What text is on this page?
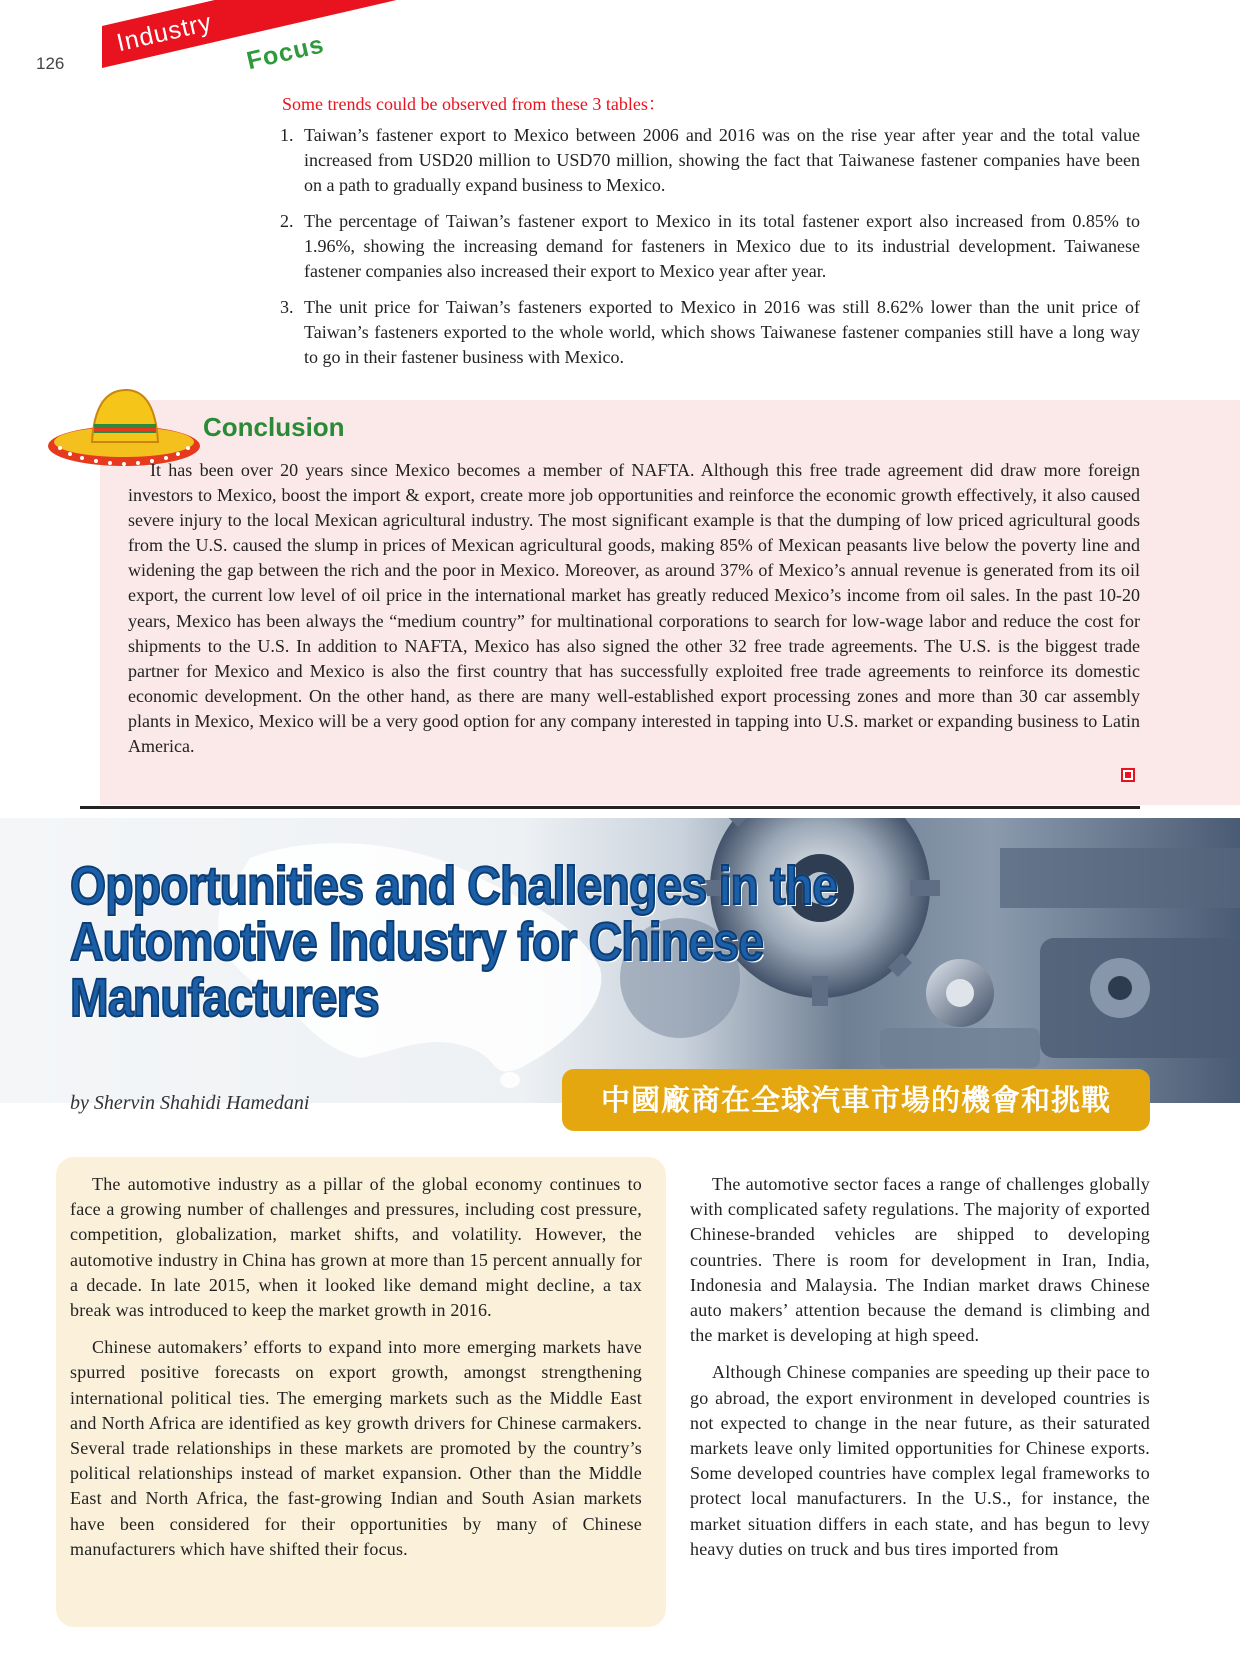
Industry Focus
126
Some trends could be observed from these 3 tables：
1. Taiwan’s fastener export to Mexico between 2006 and 2016 was on the rise year after year and the total value increased from USD20 million to USD70 million, showing the fact that Taiwanese fastener companies have been on a path to gradually expand business to Mexico.
2. The percentage of Taiwan’s fastener export to Mexico in its total fastener export also increased from 0.85% to 1.96%, showing the increasing demand for fasteners in Mexico due to its industrial development. Taiwanese fastener companies also increased their export to Mexico year after year.
3. The unit price for Taiwan’s fasteners exported to Mexico in 2016 was still 8.62% lower than the unit price of Taiwan’s fasteners exported to the whole world, which shows Taiwanese fastener companies still have a long way to go in their fastener business with Mexico.
Conclusion

It has been over 20 years since Mexico becomes a member of NAFTA. Although this free trade agreement did draw more foreign investors to Mexico, boost the import & export, create more job opportunities and reinforce the economic growth effectively, it also caused severe injury to the local Mexican agricultural industry. The most significant example is that the dumping of low priced agricultural goods from the U.S. caused the slump in prices of Mexican agricultural goods, making 85% of Mexican peasants live below the poverty line and widening the gap between the rich and the poor in Mexico. Moreover, as around 37% of Mexico’s annual revenue is generated from its oil export, the current low level of oil price in the international market has greatly reduced Mexico’s income from oil sales. In the past 10-20 years, Mexico has been always the “medium country” for multinational corporations to search for low-wage labor and reduce the cost for shipments to the U.S. In addition to NAFTA, Mexico has also signed the other 32 free trade agreements. The U.S. is the biggest trade partner for Mexico and Mexico is also the first country that has successfully exploited free trade agreements to reinforce its domestic economic development. On the other hand, as there are many well-established export processing zones and more than 30 car assembly plants in Mexico, Mexico will be a very good option for any company interested in tapping into U.S. market or expanding business to Latin America.

Opportunities and Challenges in the
Automotive Industry for Chinese
Manufacturers
by Shervin Shahidi Hamedani	中國廠商在全球汽車市場的機會和挑戰

The automotive industry as a pillar of the global economy continues to face a growing number of challenges and pressures, including cost pressure, competition, globalization, market shifts, and volatility. However, the automotive industry in China has grown at more than 15 percent annually for a decade. In late 2015, when it looked like demand might decline, a tax break was introduced to keep the market growth in 2016.

Chinese automakers’ efforts to expand into more emerging markets have spurred positive forecasts on export growth, amongst strengthening international political ties. The emerging markets such as the Middle East and North Africa are identified as key growth drivers for Chinese carmakers. Several trade relationships in these markets are promoted by the country’s political relationships instead of market expansion. Other than the Middle East and North Africa, the fast-growing Indian and South Asian markets have been considered for their opportunities by many of Chinese manufacturers which have shifted their focus.

The automotive sector faces a range of challenges globally with complicated safety regulations. The majority of exported Chinese-branded vehicles are shipped to developing countries. There is room for development in Iran, India, Indonesia and Malaysia. The Indian market draws Chinese auto makers’ attention because the demand is climbing and the market is developing at high speed.

Although Chinese companies are speeding up their pace to go abroad, the export environment in developed countries is not expected to change in the near future, as their saturated markets leave only limited opportunities for Chinese exports. Some developed countries have complex legal frameworks to protect local manufacturers. In the U.S., for instance, the market situation differs in each state, and has begun to levy heavy duties on truck and bus tires imported from
